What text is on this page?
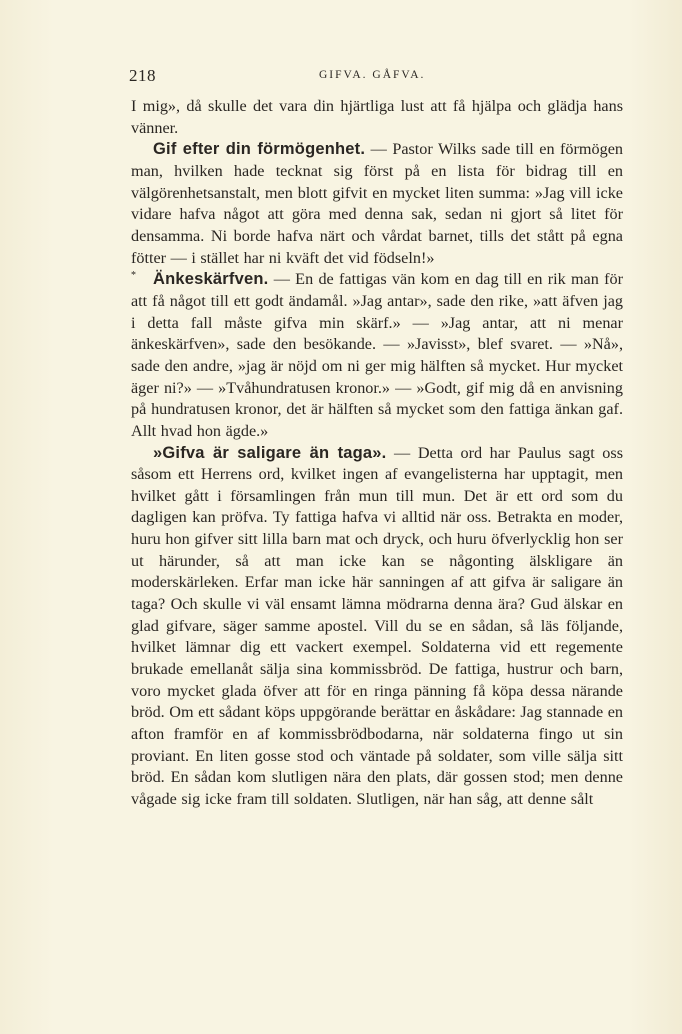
218	GIFVA. GÅFVA.

I mig», då skulle det vara din hjärtliga lust att få hjälpa och glädja hans vänner.

Gif efter din förmögenhet. — Pastor Wilks sade till en förmögen man, hvilken hade tecknat sig först på en lista för bidrag till en välgörenhetsanstalt, men blott gifvit en mycket liten summa: »Jag vill icke vidare hafva något att göra med denna sak, sedan ni gjort så litet för densamma. Ni borde hafva närt och vårdat barnet, tills det stått på egna fötter — i stället har ni kväft det vid födseln!»

* Änkeskärfven. — En de fattigas vän kom en dag till en rik man för att få något till ett godt ändamål. »Jag antar», sade den rike, »att äfven jag i detta fall måste gifva min skärf.» — »Jag antar, att ni menar änkeskärfven», sade den besökande. — »Javisst», blef svaret. — »Nå», sade den andre, »jag är nöjd om ni ger mig hälften så mycket. Hur mycket äger ni?» — »Tvåhundratusen kronor.» — »Godt, gif mig då en anvisning på hundratusen kronor, det är hälften så mycket som den fattiga änkan gaf. Allt hvad hon ägde.»

»Gifva är saligare än taga». — Detta ord har Paulus sagt oss såsom ett Herrens ord, kvilket ingen af evangelisterna har upptagit, men hvilket gått i församlingen från mun till mun. Det är ett ord som du dagligen kan pröfva. Ty fattiga hafva vi alltid när oss. Betrakta en moder, huru hon gifver sitt lilla barn mat och dryck, och huru öfverlycklig hon ser ut härunder, så att man icke kan se någonting älskligare än moderskärleken. Erfar man icke här sanningen af att gifva är saligare än taga? Och skulle vi väl ensamt lämna mödrarna denna ära? Gud älskar en glad gifvare, säger samme apostel. Vill du se en sådan, så läs följande, hvilket lämnar dig ett vackert exempel. Soldaterna vid ett regemente brukade emellanåt sälja sina kommissbröd. De fattiga, hustrur och barn, voro mycket glada öfver att för en ringa pänning få köpa dessa närande bröd. Om ett sådant köps uppgörande berättar en åskådare: Jag stannade en afton framför en af kommissbrödbodarna, när soldaterna fingo ut sin proviant. En liten gosse stod och väntade på soldater, som ville sälja sitt bröd. En sådan kom slutligen nära den plats, där gossen stod; men denne vågade sig icke fram till soldaten. Slutligen, när han såg, att denne sålt
